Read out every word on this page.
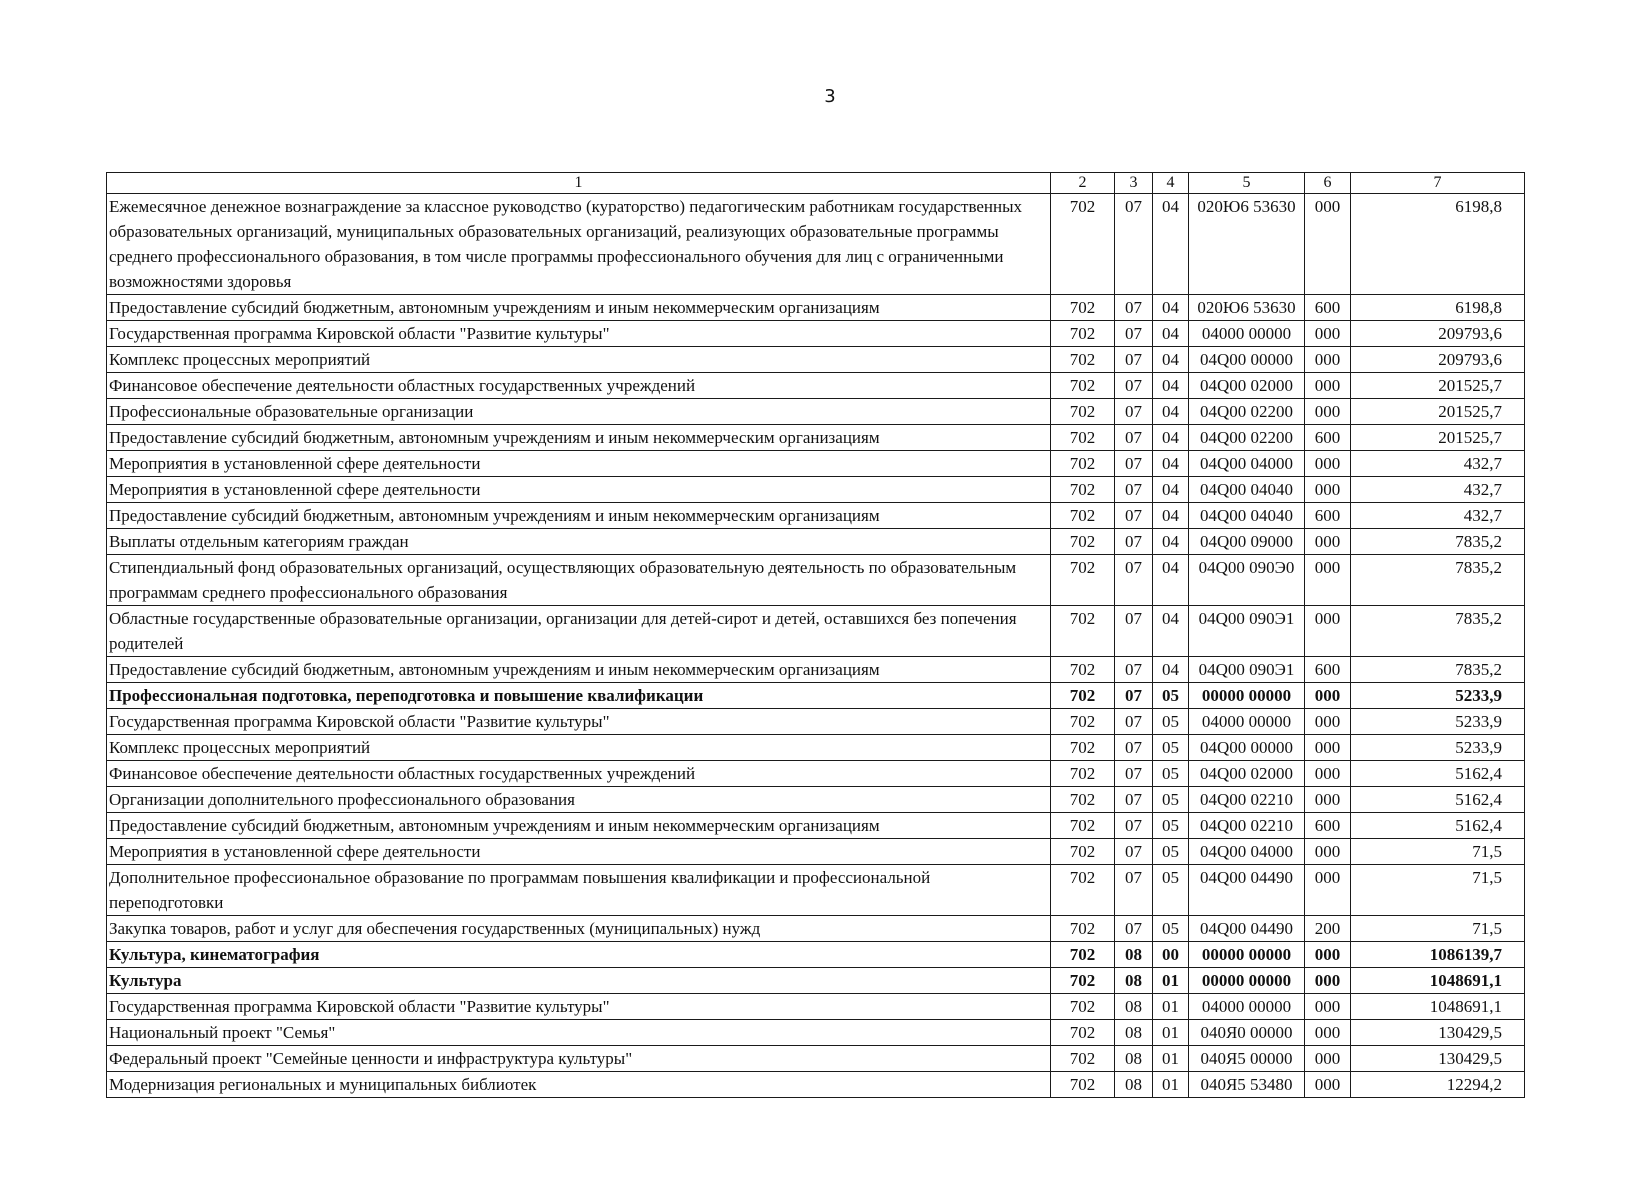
3
1	2	3	4	5	6	7
Ежемесячное денежное вознаграждение за классное руководство (кураторство) педагогическим работникам государственных образовательных организаций, муниципальных образовательных организаций, реализующих образовательные программы среднего профессионального образования, в том числе программы профессионального обучения для лиц с ограниченными возможностями здоровья	702	07	04	020Ю6 53630	000	6198,8
Предоставление субсидий бюджетным, автономным учреждениям и иным некоммерческим организациям	702	07	04	020Ю6 53630	600	6198,8
Государственная программа Кировской области "Развитие культуры"	702	07	04	04000 00000	000	209793,6
Комплекс процессных мероприятий	702	07	04	04Q00 00000	000	209793,6
Финансовое обеспечение деятельности областных государственных учреждений	702	07	04	04Q00 02000	000	201525,7
Профессиональные образовательные организации	702	07	04	04Q00 02200	000	201525,7
Предоставление субсидий бюджетным, автономным учреждениям и иным некоммерческим организациям	702	07	04	04Q00 02200	600	201525,7
Мероприятия в установленной сфере деятельности	702	07	04	04Q00 04000	000	432,7
Мероприятия в установленной сфере деятельности	702	07	04	04Q00 04040	000	432,7
Предоставление субсидий бюджетным, автономным учреждениям и иным некоммерческим организациям	702	07	04	04Q00 04040	600	432,7
Выплаты отдельным категориям граждан	702	07	04	04Q00 09000	000	7835,2
Стипендиальный фонд образовательных организаций, осуществляющих образовательную деятельность по образовательным программам среднего профессионального образования	702	07	04	04Q00 090Э0	000	7835,2
Областные государственные образовательные организации, организации для детей-сирот и детей, оставшихся без попечения родителей	702	07	04	04Q00 090Э1	000	7835,2
Предоставление субсидий бюджетным, автономным учреждениям и иным некоммерческим организациям	702	07	04	04Q00 090Э1	600	7835,2
Профессиональная подготовка, переподготовка и повышение квалификации	702	07	05	00000 00000	000	5233,9
Государственная программа Кировской области "Развитие культуры"	702	07	05	04000 00000	000	5233,9
Комплекс процессных мероприятий	702	07	05	04Q00 00000	000	5233,9
Финансовое обеспечение деятельности областных государственных учреждений	702	07	05	04Q00 02000	000	5162,4
Организации дополнительного профессионального образования	702	07	05	04Q00 02210	000	5162,4
Предоставление субсидий бюджетным, автономным учреждениям и иным некоммерческим организациям	702	07	05	04Q00 02210	600	5162,4
Мероприятия в установленной сфере деятельности	702	07	05	04Q00 04000	000	71,5
Дополнительное профессиональное образование по программам повышения квалификации и профессиональной переподготовки	702	07	05	04Q00 04490	000	71,5
Закупка товаров, работ и услуг для обеспечения государственных (муниципальных) нужд	702	07	05	04Q00 04490	200	71,5
Культура, кинематография	702	08	00	00000 00000	000	1086139,7
Культура	702	08	01	00000 00000	000	1048691,1
Государственная программа Кировской области "Развитие культуры"	702	08	01	04000 00000	000	1048691,1
Национальный проект "Семья"	702	08	01	040Я0 00000	000	130429,5
Федеральный проект "Семейные ценности и инфраструктура культуры"	702	08	01	040Я5 00000	000	130429,5
Модернизация региональных и муниципальных библиотек	702	08	01	040Я5 53480	000	12294,2
